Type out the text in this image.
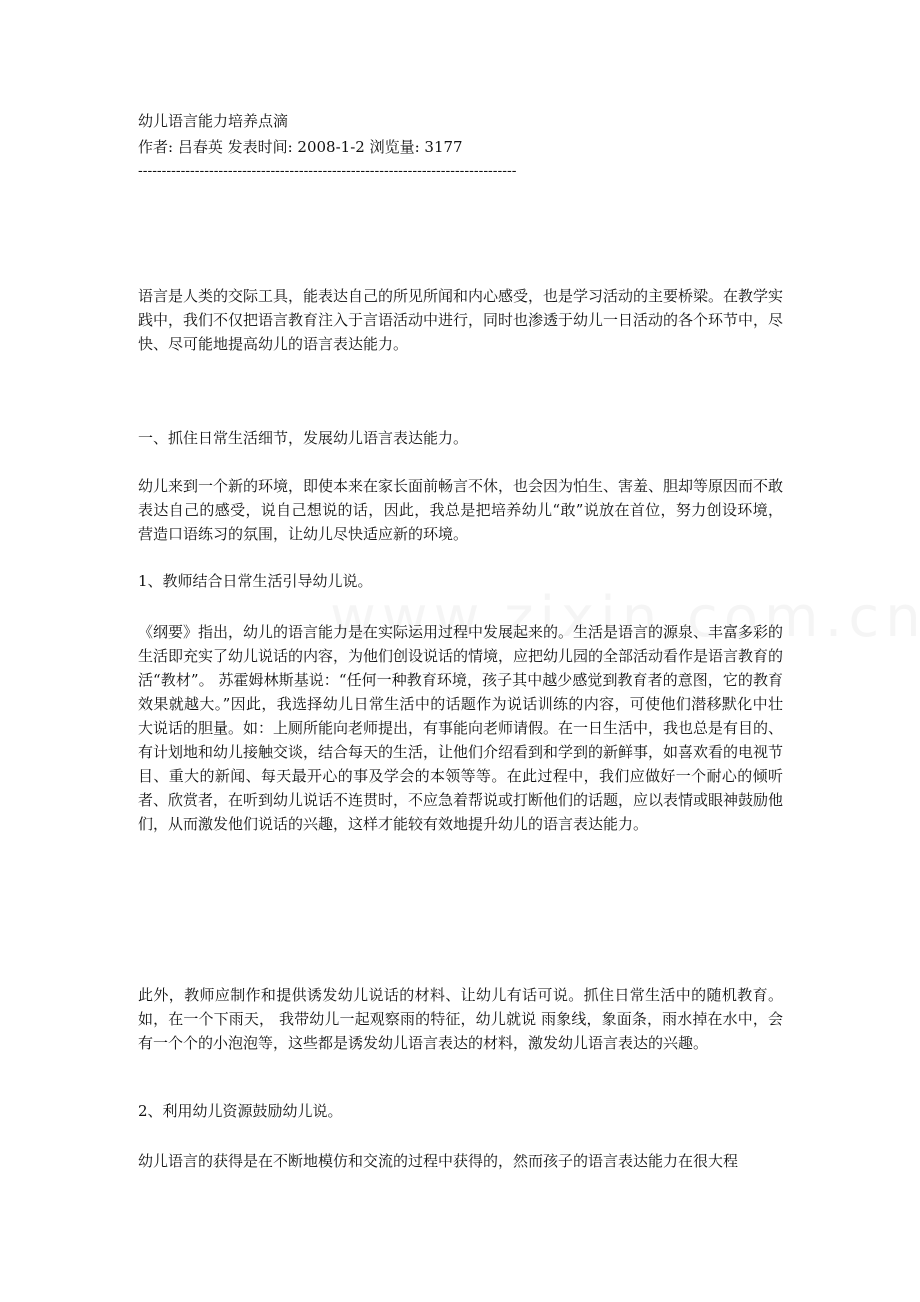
幼儿语言能力培养点滴
作者: 吕春英 发表时间: 2008-1-2 浏览量: 3177
--------------------------------------------------------------------------------

语言是人类的交际工具，能表达自己的所见所闻和内心感受，也是学习活动的主要桥梁。在教学实践中，我们不仅把语言教育注入于言语活动中进行，同时也渗透于幼儿一日活动的各个环节中，尽快、尽可能地提高幼儿的语言表达能力。

一、抓住日常生活细节，发展幼儿语言表达能力。

幼儿来到一个新的环境，即使本来在家长面前畅言不休，也会因为怕生、害羞、胆却等原因而不敢表达自己的感受，说自己想说的话，因此，我总是把培养幼儿“敢”说放在首位，努力创设环境，营造口语练习的氛围，让幼儿尽快适应新的环境。

1、教师结合日常生活引导幼儿说。

《纲要》指出，幼儿的语言能力是在实际运用过程中发展起来的。生活是语言的源泉、丰富多彩的生活即充实了幼儿说话的内容，为他们创设说话的情境，应把幼儿园的全部活动看作是语言教育的活“教材”。 苏霍姆林斯基说：“任何一种教育环境，孩子其中越少感觉到教育者的意图，它的教育效果就越大。”因此，我选择幼儿日常生活中的话题作为说话训练的内容，可使他们潜移默化中壮大说话的胆量。如：上厕所能向老师提出，有事能向老师请假。在一日生活中，我也总是有目的、有计划地和幼儿接触交谈，结合每天的生活，让他们介绍看到和学到的新鲜事，如喜欢看的电视节目、重大的新闻、每天最开心的事及学会的本领等等。在此过程中，我们应做好一个耐心的倾听者、欣赏者，在听到幼儿说话不连贯时，不应急着帮说或打断他们的话题，应以表情或眼神鼓励他们，从而激发他们说话的兴趣，这样才能较有效地提升幼儿的语言表达能力。

此外，教师应制作和提供诱发幼儿说话的材料、让幼儿有话可说。抓住日常生活中的随机教育。如，在一个下雨天， 我带幼儿一起观察雨的特征，幼儿就说 雨象线，象面条，雨水掉在水中，会有一个个的小泡泡等，这些都是诱发幼儿语言表达的材料，激发幼儿语言表达的兴趣。

2、利用幼儿资源鼓励幼儿说。

幼儿语言的获得是在不断地模仿和交流的过程中获得的，然而孩子的语言表达能力在很大程
